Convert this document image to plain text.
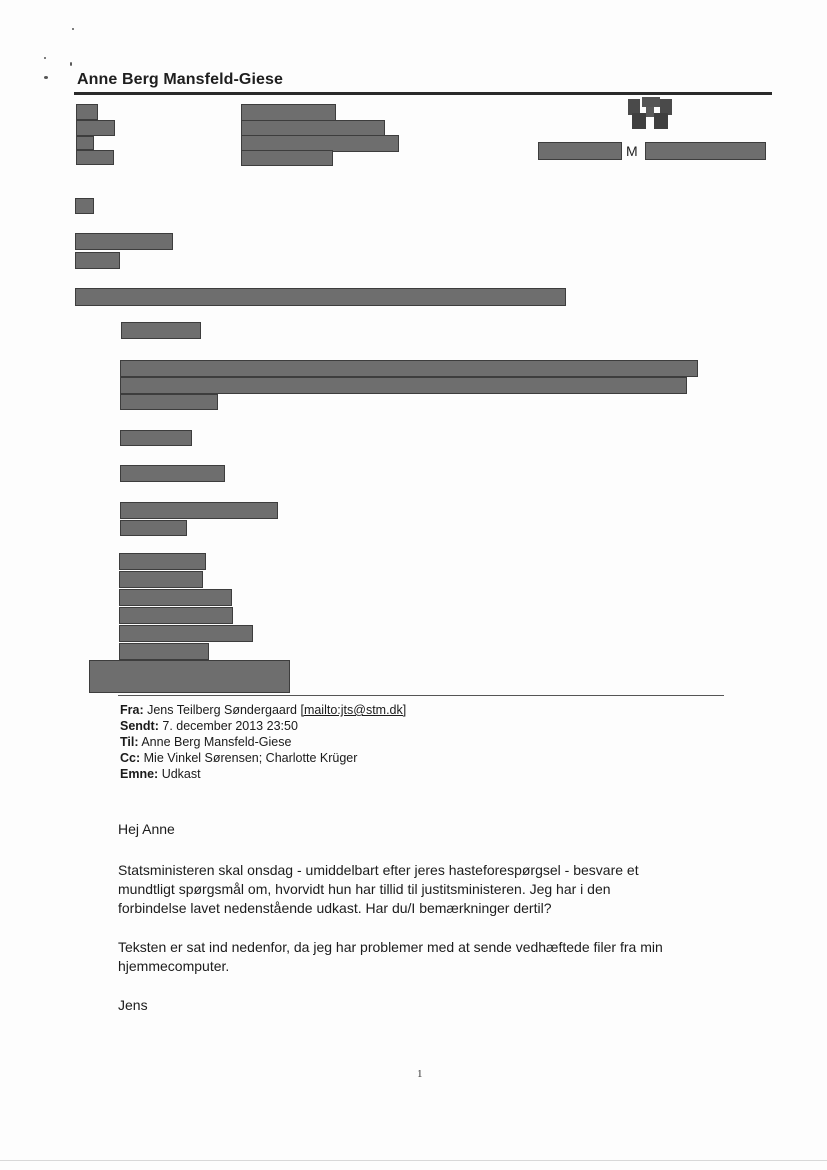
Anne Berg Mansfeld-Giese
M
Fra: Jens Teilberg Søndergaard [mailto:jts@stm.dk]
Sendt: 7. december 2013 23:50
Til: Anne Berg Mansfeld-Giese
Cc: Mie Vinkel Sørensen; Charlotte Krüger
Emne: Udkast
Hej Anne
Statsministeren skal onsdag - umiddelbart efter jeres hasteforespørgsel - besvare et mundtligt spørgsmål om, hvorvidt hun har tillid til justitsministeren. Jeg har i den forbindelse lavet nedenstående udkast. Har du/I bemærkninger dertil?
Teksten er sat ind nedenfor, da jeg har problemer med at sende vedhæftede filer fra min hjemmecomputer.
Jens
1
